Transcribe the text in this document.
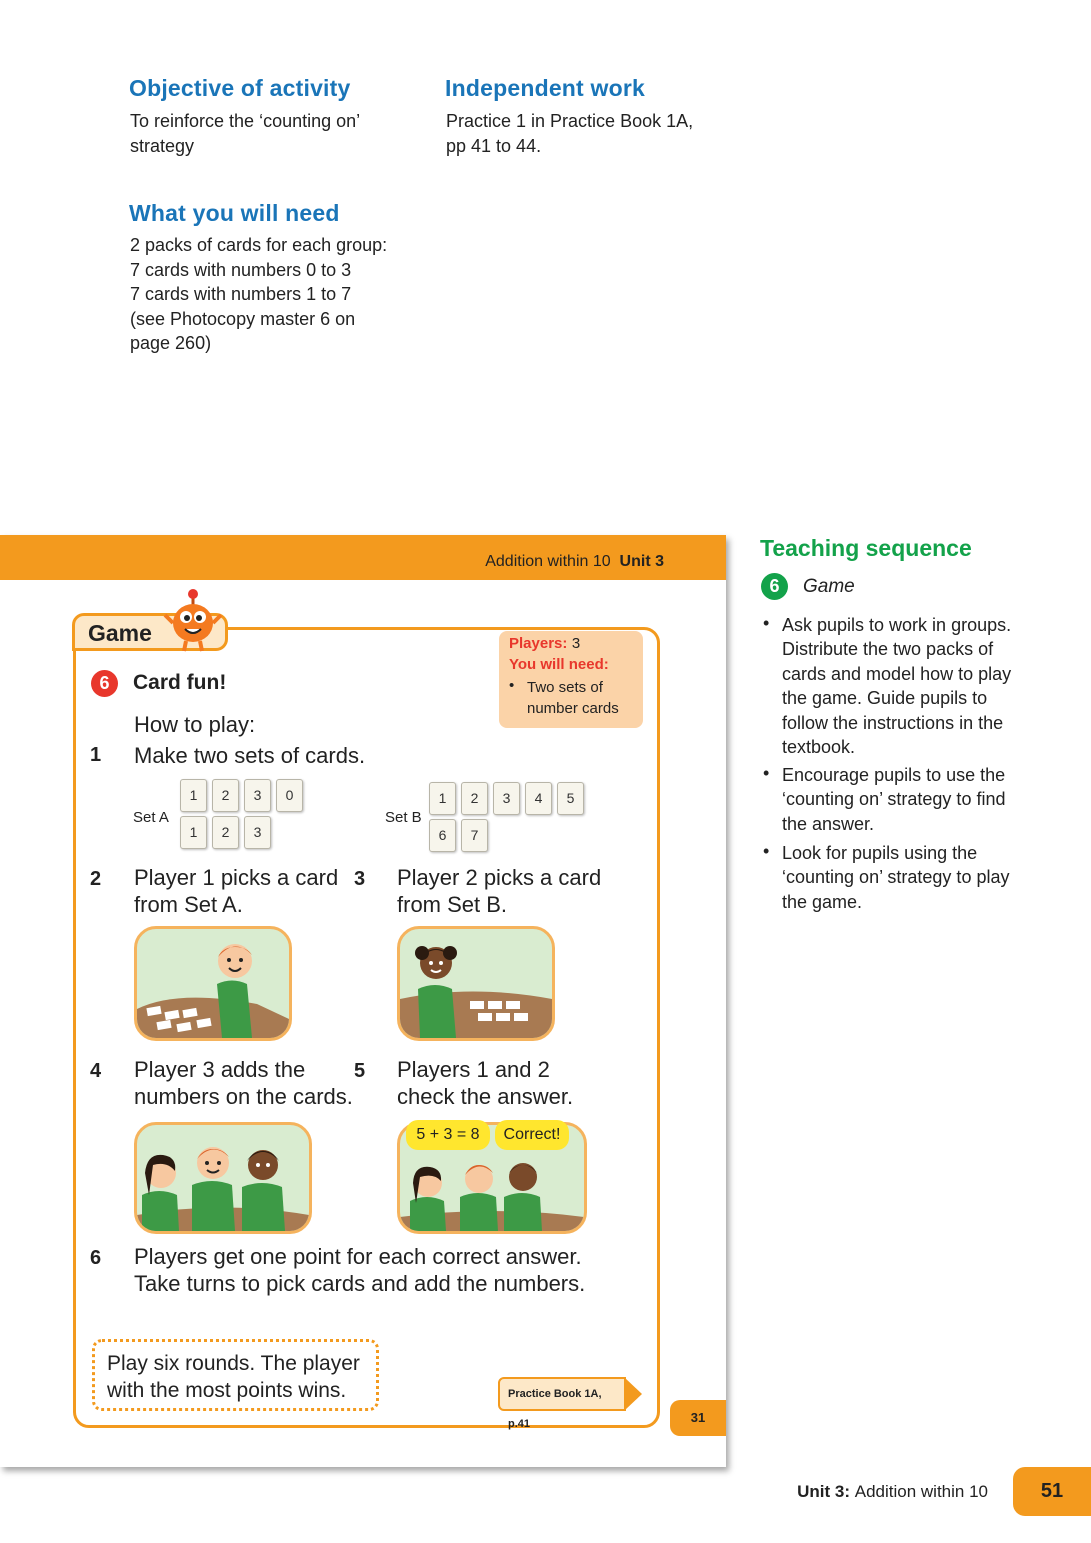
Objective of activity
To reinforce the ‘counting on’
strategy
Independent work
Practice 1 in Practice Book 1A,
pp 41 to 44.
What you will need
2 packs of cards for each group:
7 cards with numbers 0 to 3
7 cards with numbers 1 to 7
(see Photocopy master 6 on
page 260)
Addition within 10 Unit 3
Game	Players: 3
You will need:
• Two sets of
number cards
6	Card fun!
How to play:
1 Make two sets of cards.
Set A
1	2	3	0
1	2	3
Set B
1	2	3	4	5
6	7
2 Player 1 picks a card
from Set A.
3 Player 2 picks a card
from Set B.
4 Player 3 adds the
numbers on the cards.
5 Players 1 and 2
check the answer.
5 + 3 = 8	Correct!
6 Players get one point for each correct answer.
Take turns to pick cards and add the numbers.
Play six rounds. The player
with the most points wins.	Practice Book 1A, p.41	31
Teaching sequence
6	Game
• Ask pupils to work in groups.
Distribute the two packs of
cards and model how to play
the game. Guide pupils to
follow the instructions in the
textbook.
• Encourage pupils to use the
‘counting on’ strategy to find
the answer.
• Look for pupils using the
‘counting on’ strategy to play
the game.
Unit 3: Addition within 10	51
